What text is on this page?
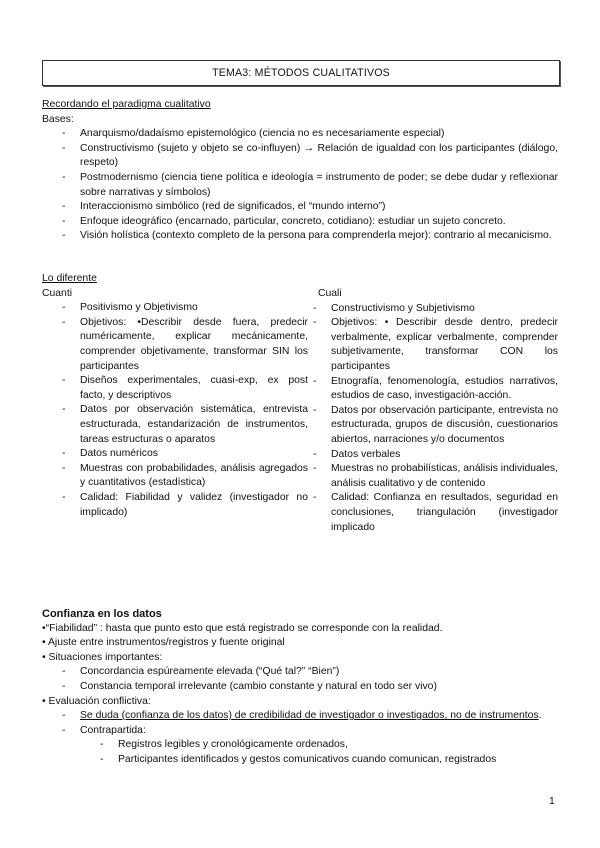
TEMA3: MÉTODOS CUALITATIVOS
Recordando el paradigma cualitativo
Bases:
- Anarquismo/dadaísmo epistemológico (ciencia no es necesariamente especial)
- Constructivismo (sujeto y objeto se co-influyen) → Relación de igualdad con los participantes (diálogo, respeto)
- Postmodernismo (ciencia tiene política e ideología = instrumento de poder; se debe dudar y reflexionar sobre narrativas y símbolos)
- Interaccionismo simbólico (red de significados, el “mundo interno”)
- Enfoque ideográfico (encarnado, particular, concreto, cotidiano): estudiar un sujeto concreto.
- Visión holística (contexto completo de la persona para comprenderla mejor): contrario al mecanicismo.
Lo diferente
Cuanti
- Positivismo y Objetivismo
- Objetivos: •Describir desde fuera, predecir numéricamente, explicar mecánicamente, comprender objetivamente, transformar SIN los participantes
- Diseños experimentales, cuasi-exp, ex post facto, y descriptivos
- Datos por observación sistemática, entrevista estructurada, estandarización de instrumentos, tareas estructuras o aparatos
- Datos numéricos
- Muestras con probabilidades, análisis agregados y cuantitativos (estadística)
- Calidad: Fiabilidad y validez (investigador no implicado)
Cuali
- Constructivismo y Subjetivismo
- Objetivos: • Describir desde dentro, predecir verbalmente, explicar verbalmente, comprender subjetivamente, transformar CON los participantes
- Etnografía, fenomenología, estudios narrativos, estudios de caso, investigación-acción.
- Datos por observación participante, entrevista no estructurada, grupos de discusión, cuestionarios abiertos, narraciones y/o documentos
- Datos verbales
- Muestras no probabilísticas, análisis individuales, análisis cualitativo y de contenido
- Calidad: Confianza en resultados, seguridad en conclusiones, triangulación (investigador implicado
Confianza en los datos
•“Fiabilidad” : hasta que punto esto que está registrado se corresponde con la realidad.
• Ajuste entre instrumentos/registros y fuente original
• Situaciones importantes:
- Concordancia espúreamente elevada (“Qué tal?” “Bien”)
- Constancia temporal irrelevante (cambio constante y natural en todo ser vivo)
• Evaluación conflictiva:
- Se duda (confianza de los datos) de credibilidad de investigador o investigados, no de instrumentos.
- Contrapartida:
- Registros legibles y cronológicamente ordenados,
- Participantes identificados y gestos comunicativos cuando comunican, registrados
1
